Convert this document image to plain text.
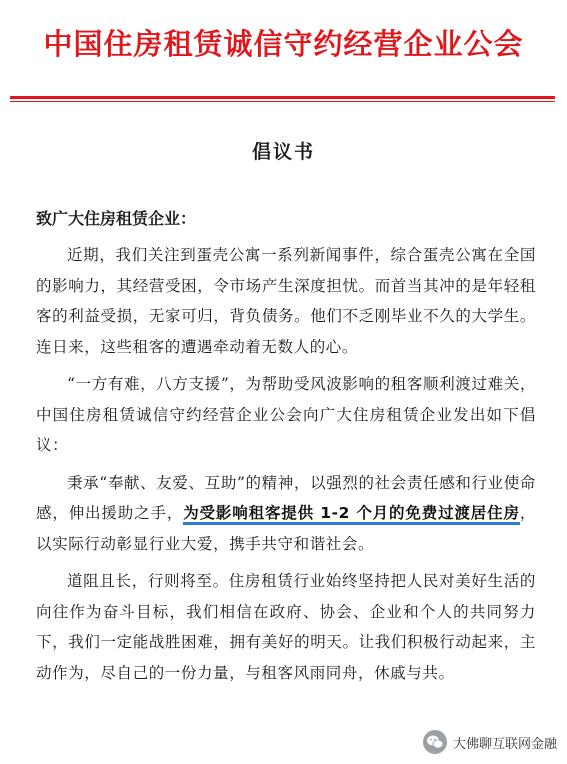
中国住房租赁诚信守约经营企业公会
倡议书
致广大住房租赁企业：

近期，我们关注到蛋壳公寓一系列新闻事件，综合蛋壳公寓在全国的影响力，其经营受困，令市场产生深度担忧。而首当其冲的是年轻租客的利益受损，无家可归，背负债务。他们不乏刚毕业不久的大学生。连日来，这些租客的遭遇牵动着无数人的心。

“一方有难，八方支援”，为帮助受风波影响的租客顺利渡过难关，中国住房租赁诚信守约经营企业公会向广大住房租赁企业发出如下倡议：

秉承“奉献、友爱、互助”的精神，以强烈的社会责任感和行业使命感，伸出援助之手，为受影响租客提供 1-2 个月的免费过渡居住房，以实际行动彰显行业大爱，携手共守和谐社会。

道阻且长，行则将至。住房租赁行业始终坚持把人民对美好生活的向往作为奋斗目标，我们相信在政府、协会、企业和个人的共同努力下，我们一定能战胜困难，拥有美好的明天。让我们积极行动起来，主动作为，尽自己的一份力量，与租客风雨同舟，休戚与共。

大佛聊互联网金融
